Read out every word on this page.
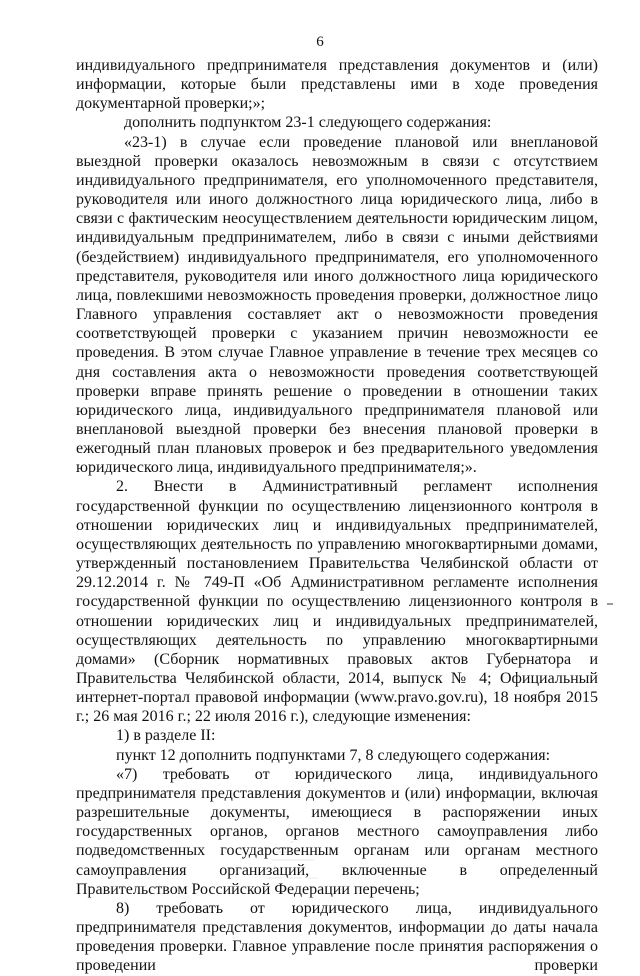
6

индивидуального предпринимателя представления документов и (или) информации, которые были представлены ими в ходе проведения документарной проверки;»;

дополнить подпунктом 23-1 следующего содержания:

«23-1) в случае если проведение плановой или внеплановой выездной проверки оказалось невозможным в связи с отсутствием индивидуального предпринимателя, его уполномоченного представителя, руководителя или иного должностного лица юридического лица, либо в связи с фактическим неосуществлением деятельности юридическим лицом, индивидуальным предпринимателем, либо в связи с иными действиями (бездействием) индивидуального предпринимателя, его уполномоченного представителя, руководителя или иного должностного лица юридического лица, повлекшими невозможность проведения проверки, должностное лицо Главного управления составляет акт о невозможности проведения соответствующей проверки с указанием причин невозможности ее проведения. В этом случае Главное управление в течение трех месяцев со дня составления акта о невозможности проведения соответствующей проверки вправе принять решение о проведении в отношении таких юридического лица, индивидуального предпринимателя плановой или внеплановой выездной проверки без внесения плановой проверки в ежегодный план плановых проверок и без предварительного уведомления юридического лица, индивидуального предпринимателя;».

2. Внести в Административный регламент исполнения государственной функции по осуществлению лицензионного контроля в отношении юридических лиц и индивидуальных предпринимателей, осуществляющих деятельность по управлению многоквартирными домами, утвержденный постановлением Правительства Челябинской области от 29.12.2014 г. № 749-П «Об Административном регламенте исполнения государственной функции по осуществлению лицензионного контроля в отношении юридических лиц и индивидуальных предпринимателей, осуществляющих деятельность по управлению многоквартирными домами» (Сборник нормативных правовых актов Губернатора и Правительства Челябинской области, 2014, выпуск № 4; Официальный интернет-портал правовой информации (www.pravo.gov.ru), 18 ноября 2015 г.; 26 мая 2016 г.; 22 июля 2016 г.), следующие изменения:

1) в разделе II:

пункт 12 дополнить подпунктами 7, 8 следующего содержания:

«7) требовать от юридического лица, индивидуального предпринимателя представления документов и (или) информации, включая разрешительные документы, имеющиеся в распоряжении иных государственных органов, органов местного самоуправления либо подведомственных государственным органам или органам местного самоуправления организаций, включенные в определенный Правительством Российской Федерации перечень;

8) требовать от юридического лица, индивидуального предпринимателя представления документов, информации до даты начала проведения проверки. Главное управление после принятия распоряжения о проведении проверки
